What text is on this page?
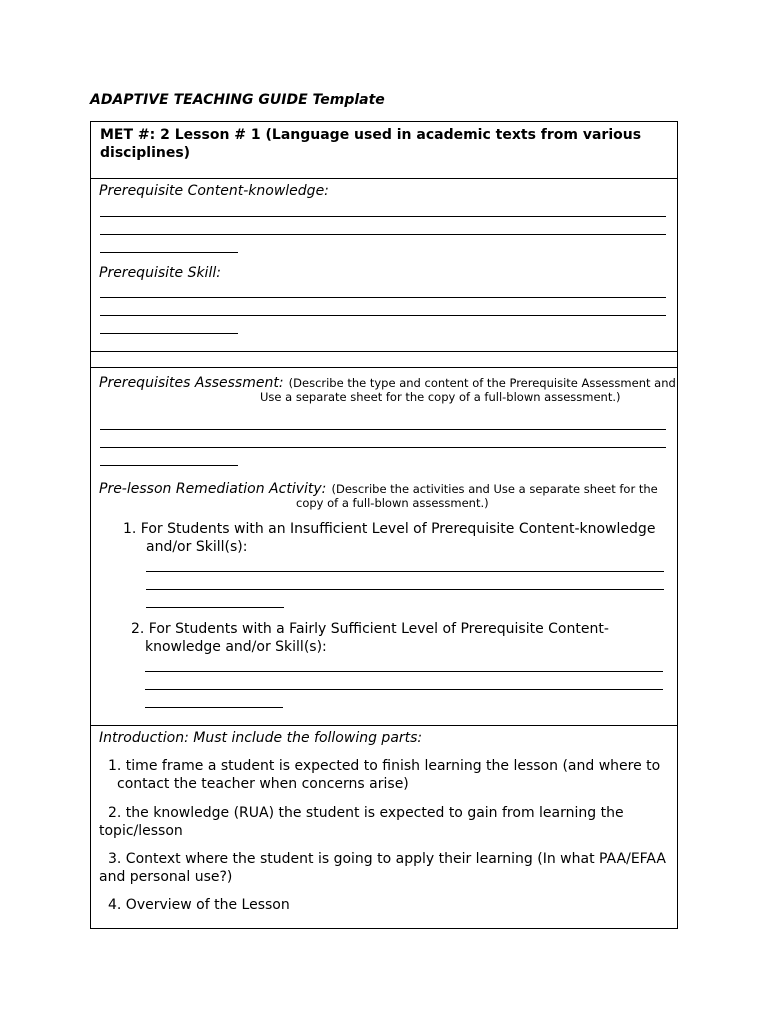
ADAPTIVE TEACHING GUIDE Template
MET #: 2 Lesson # 1 (Language used in academic texts from various disciplines)
Prerequisite Content-knowledge:
Prerequisite Skill:
Prerequisites Assessment: (Describe the type and content of the Prerequisite Assessment and
Use a separate sheet for the copy of a full-blown assessment.)
Pre-lesson Remediation Activity: (Describe the activities and Use a separate sheet for the
copy of a full-blown assessment.)
1. For Students with an Insufficient Level of Prerequisite Content-knowledge
and/or Skill(s):
2. For Students with a Fairly Sufficient Level of Prerequisite Content-
knowledge and/or Skill(s):
Introduction: Must include the following parts:
1. time frame a student is expected to finish learning the lesson (and where to
contact the teacher when concerns arise)
2. the knowledge (RUA) the student is expected to gain from learning the
topic/lesson
3. Context where the student is going to apply their learning (In what PAA/EFAA
and personal use?)
4. Overview of the Lesson
